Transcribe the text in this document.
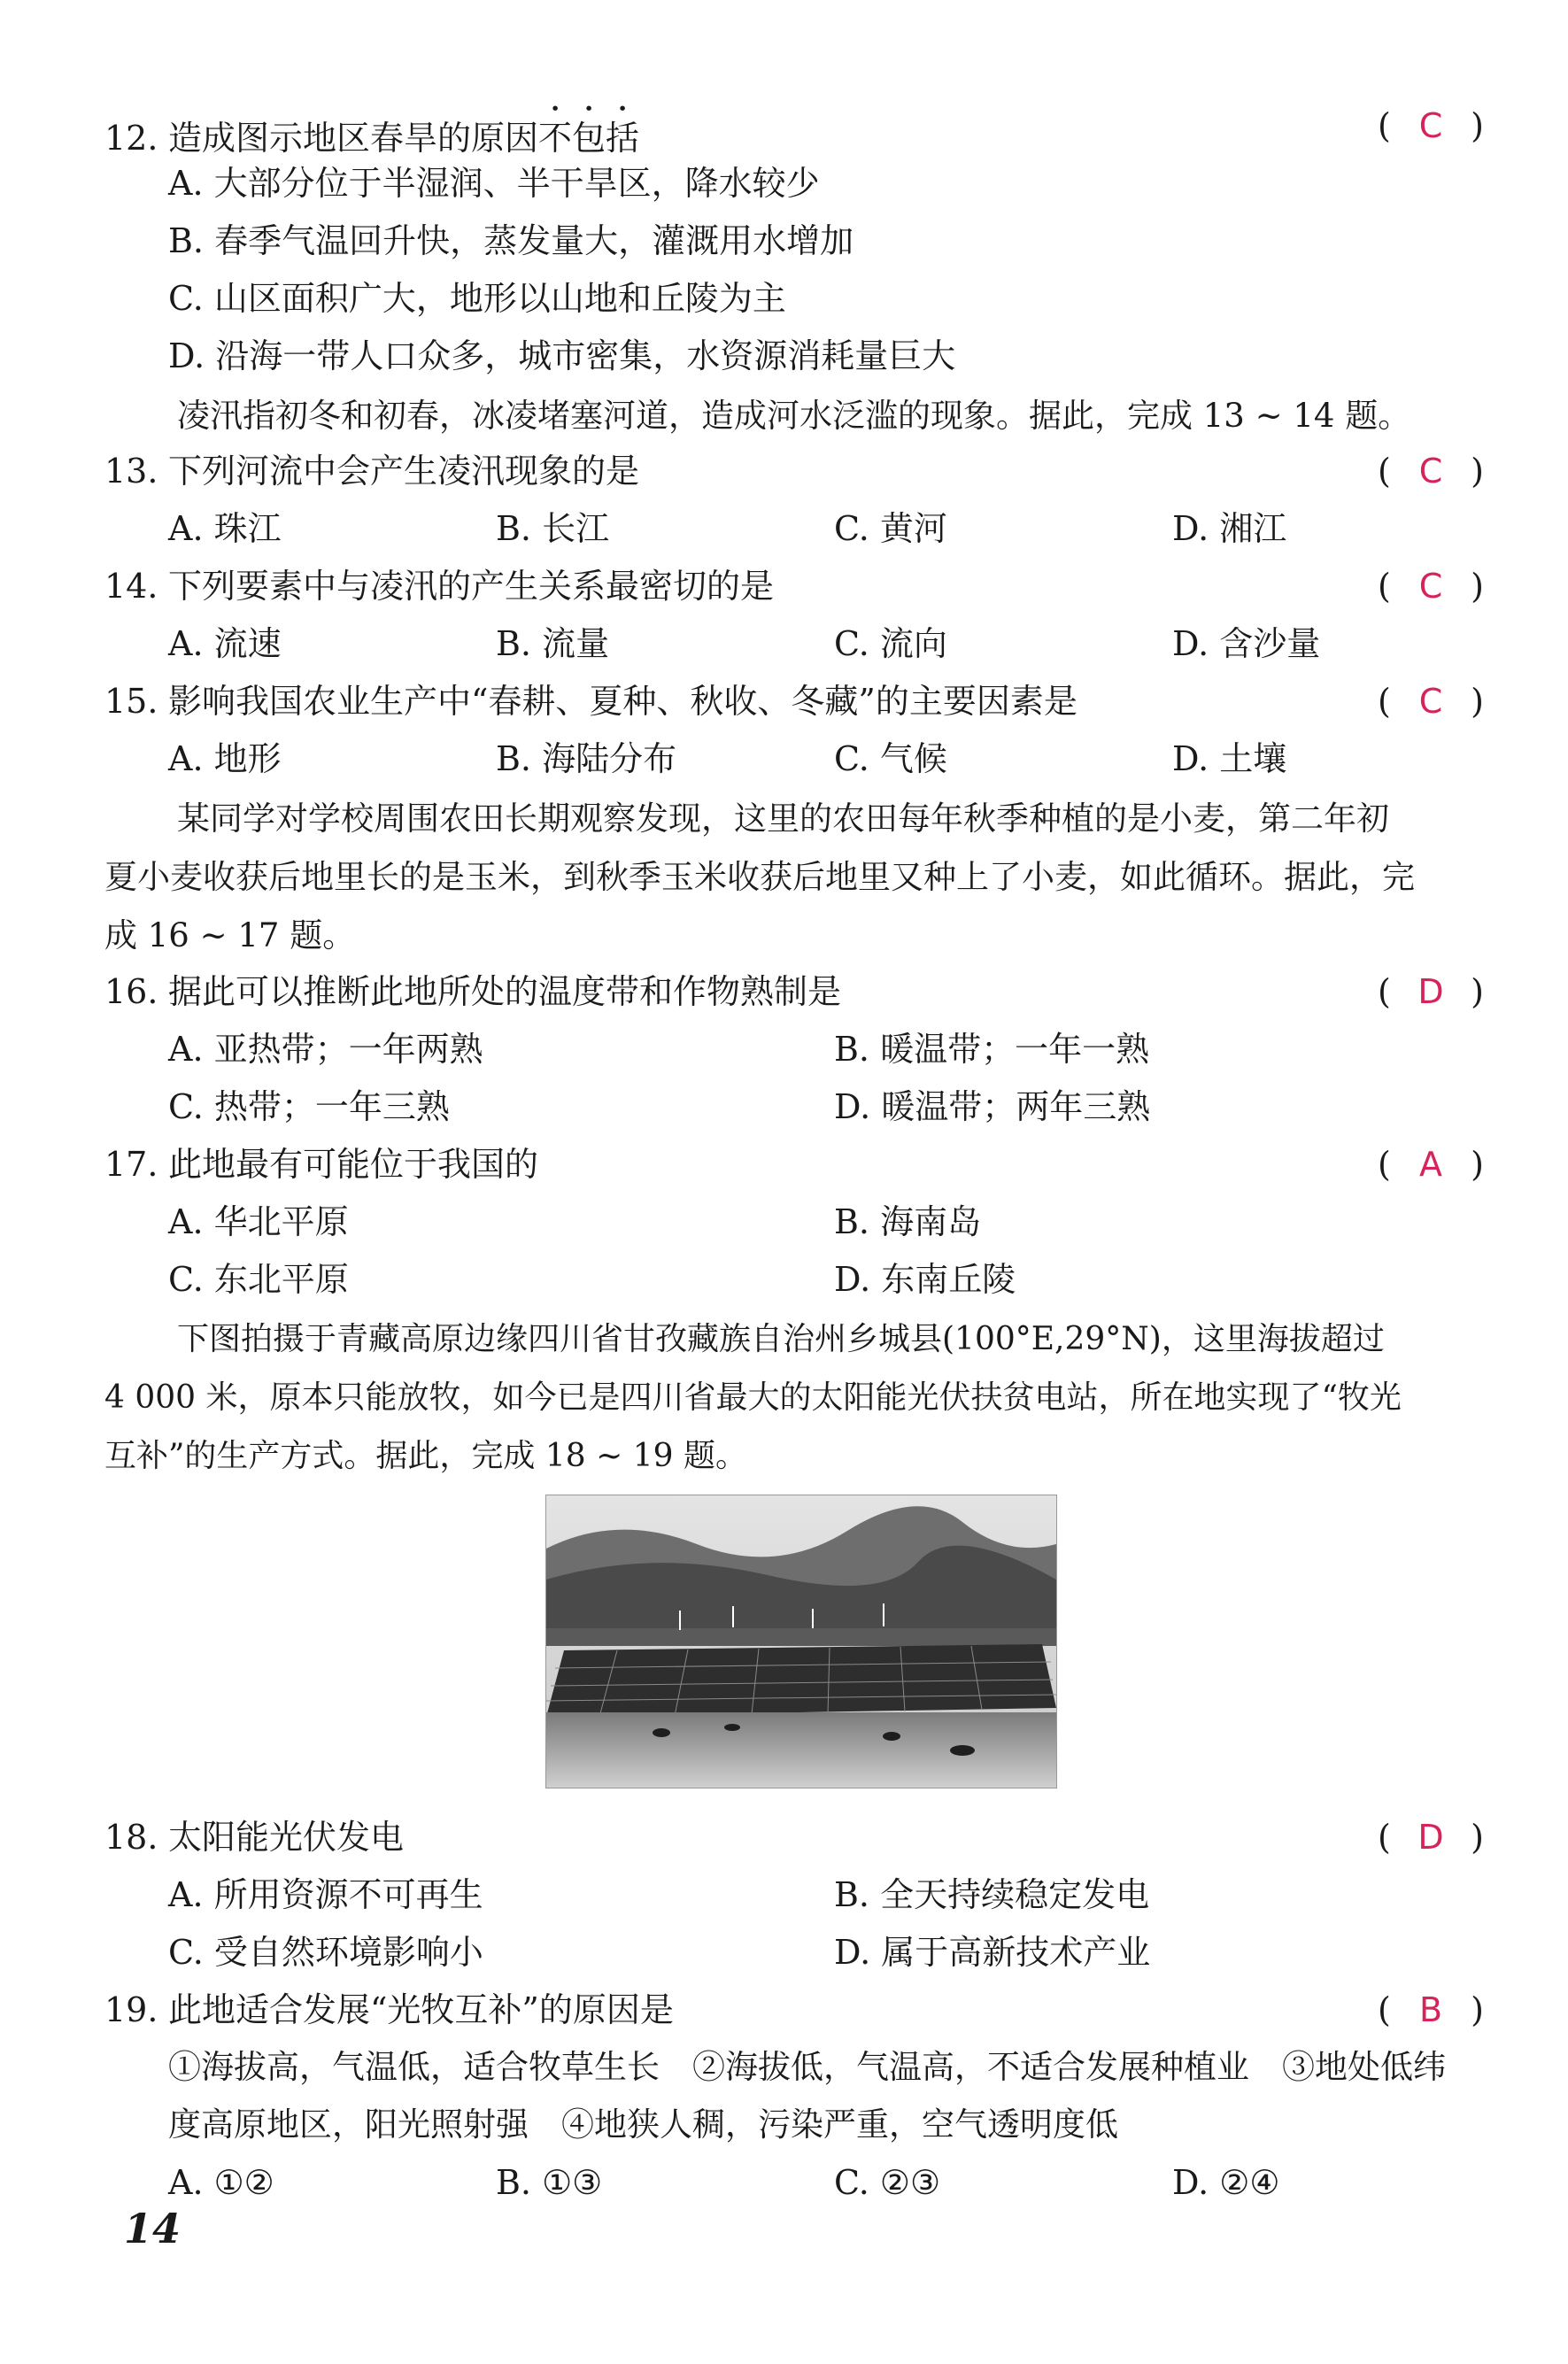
12. 造成图示地区春旱的原因不包括	( C )
A. 大部分位于半湿润、半干旱区，降水较少
B. 春季气温回升快，蒸发量大，灌溉用水增加
C. 山区面积广大，地形以山地和丘陵为主
D. 沿海一带人口众多，城市密集，水资源消耗量巨大
凌汛指初冬和初春，冰凌堵塞河道，造成河水泛滥的现象。据此，完成 13 ~ 14 题。
13. 下列河流中会产生凌汛现象的是	( C )
A. 珠江	B. 长江	C. 黄河	D. 湘江
14. 下列要素中与凌汛的产生关系最密切的是	( C )
A. 流速	B. 流量	C. 流向	D. 含沙量
15. 影响我国农业生产中“春耕、夏种、秋收、冬藏”的主要因素是	( C )
A. 地形	B. 海陆分布	C. 气候	D. 土壤
某同学对学校周围农田长期观察发现，这里的农田每年秋季种植的是小麦，第二年初
夏小麦收获后地里长的是玉米，到秋季玉米收获后地里又种上了小麦，如此循环。据此，完
成 16 ~ 17 题。
16. 据此可以推断此地所处的温度带和作物熟制是	( D )
A. 亚热带；一年两熟	B. 暖温带；一年一熟
C. 热带；一年三熟	D. 暖温带；两年三熟
17. 此地最有可能位于我国的	( A )
A. 华北平原	B. 海南岛
C. 东北平原	D. 东南丘陵
下图拍摄于青藏高原边缘四川省甘孜藏族自治州乡城县(100°E,29°N)，这里海拔超过
4 000 米，原本只能放牧，如今已是四川省最大的太阳能光伏扶贫电站，所在地实现了“牧光
互补”的生产方式。据此，完成 18 ~ 19 题。
18. 太阳能光伏发电	( D )
A. 所用资源不可再生	B. 全天持续稳定发电
C. 受自然环境影响小	D. 属于高新技术产业
19. 此地适合发展“光牧互补”的原因是	( B )
①海拔高，气温低，适合牧草生长　②海拔低，气温高，不适合发展种植业　③地处低纬
度高原地区，阳光照射强　④地狭人稠，污染严重，空气透明度低
A. ①②	B. ①③	C. ②③	D. ②④
14
